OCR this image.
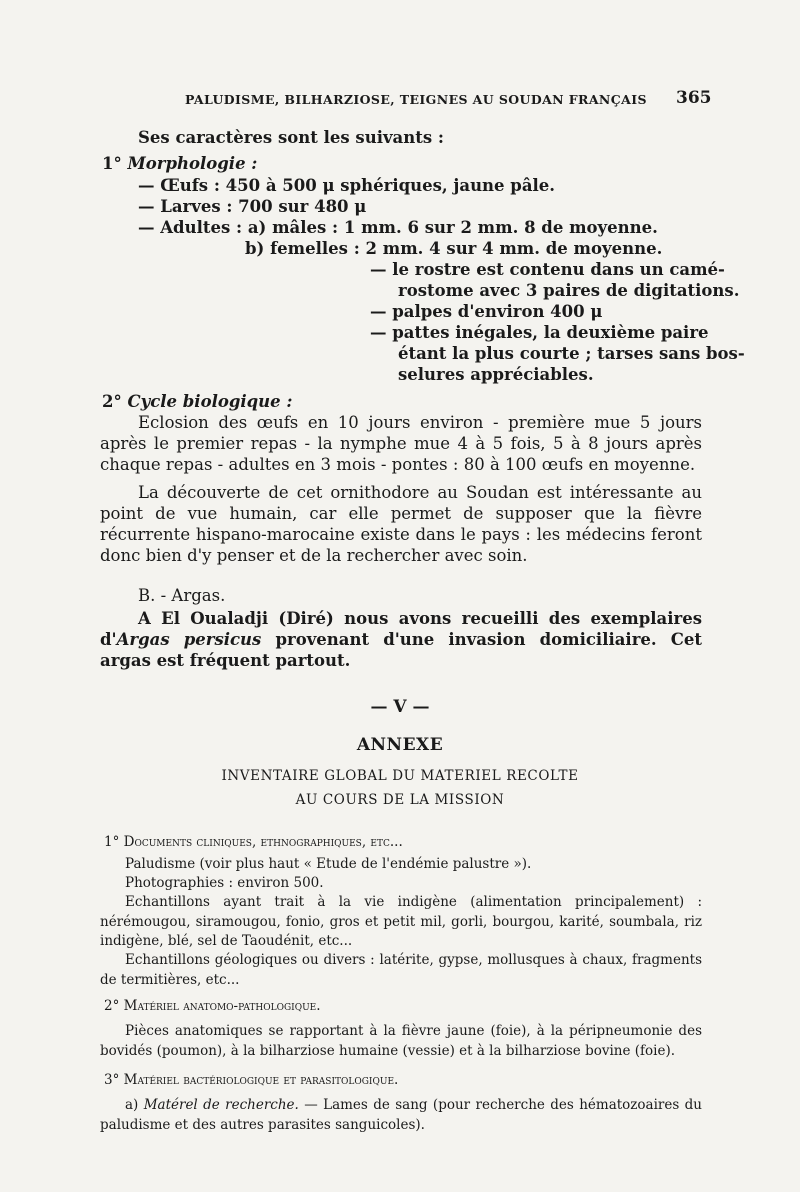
PALUDISME, BILHARZIOSE, TEIGNES AU SOUDAN FRANÇAIS	365
Ses caractères sont les suivants :
1° Morphologie :
— Œufs : 450 à 500 μ sphériques, jaune pâle.
— Larves : 700 sur 480 μ
— Adultes : a) mâles : 1 mm. 6 sur 2 mm. 8 de moyenne.
b) femelles : 2 mm. 4 sur 4 mm. de moyenne.
— le rostre est contenu dans un camé-
rostome avec 3 paires de digitations.
— palpes d'environ 400 μ
— pattes inégales, la deuxième paire
étant la plus courte ; tarses sans bos-
selures appréciables.
2° Cycle biologique :
Eclosion des œufs en 10 jours environ - première mue 5 jours après le premier repas - la nymphe mue 4 à 5 fois, 5 à 8 jours après chaque repas - adultes en 3 mois - pontes : 80 à 100 œufs en moyenne.
La découverte de cet ornithodore au Soudan est intéressante au point de vue humain, car elle permet de supposer que la fièvre récurrente hispano-marocaine existe dans le pays : les médecins feront donc bien d'y penser et de la rechercher avec soin.
B. - Argas.
A El Oualadji (Diré) nous avons recueilli des exemplaires d'Argas persicus provenant d'une invasion domiciliaire. Cet argas est fréquent partout.
— V —
ANNEXE
INVENTAIRE GLOBAL DU MATERIEL RECOLTE
AU COURS DE LA MISSION
1° Documents cliniques, ethnographiques, etc...
Paludisme (voir plus haut « Etude de l'endémie palustre »).
Photographies : environ 500.
Echantillons ayant trait à la vie indigène (alimentation principalement) : nérémougou, siramougou, fonio, gros et petit mil, gorli, bourgou, karité, soumbala, riz indigène, blé, sel de Taoudénit, etc...
Echantillons géologiques ou divers : latérite, gypse, mollusques à chaux, fragments de termitières, etc...
2° Matériel anatomo-pathologique.
Pièces anatomiques se rapportant à la fièvre jaune (foie), à la péripneumonie des bovidés (poumon), à la bilharziose humaine (vessie) et à la bilharziose bovine (foie).
3° Matériel bactériologique et parasitologique.
a) Matérel de recherche. — Lames de sang (pour recherche des hématozoaires du paludisme et des autres parasites sanguicoles).
